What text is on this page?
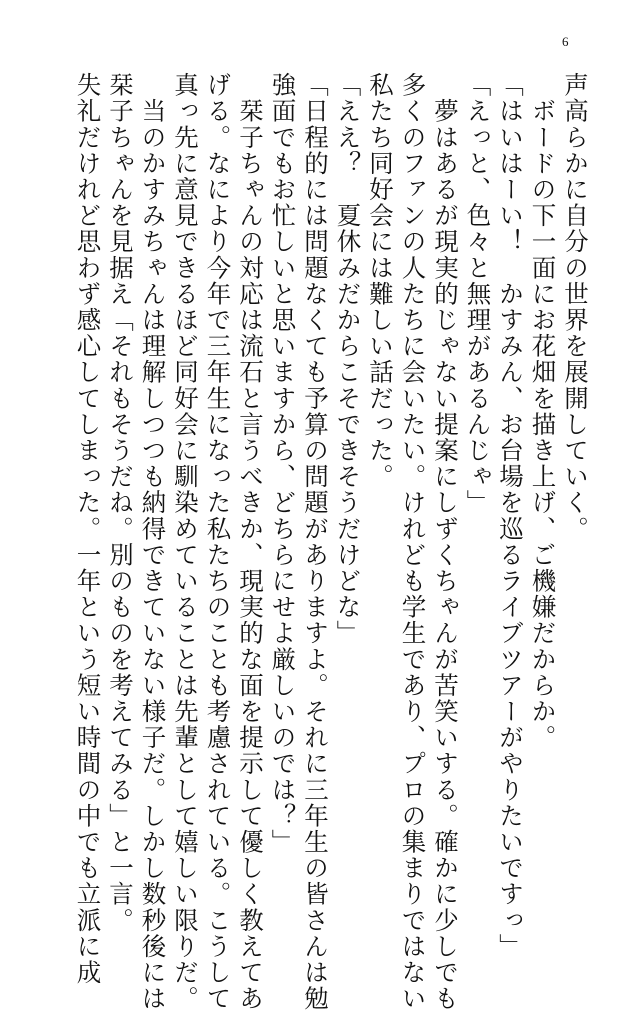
6
声高らかに自分の世界を展開していく。
　ボードの下一面にお花畑を描き上げ、ご機嫌だからか。
「はいはーい！　かすみん、お台場を巡るライブツアーがやりたいですっ」
「えっと、色々と無理があるんじゃ」
　夢はあるが現実的じゃない提案にしずくちゃんが苦笑いする。確かに少しでも
多くのファンの人たちに会いたい。けれども学生であり、プロの集まりではない
私たち同好会には難しい話だった。
「ええ？　夏休みだからこそできそうだけどな」
「日程的には問題なくても予算の問題がありますよ。それに三年生の皆さんは勉
強面でもお忙しいと思いますから、どちらにせよ厳しいのでは？」
　栞子ちゃんの対応は流石と言うべきか、現実的な面を提示して優しく教えてあ
げる。なにより今年で三年生になった私たちのことも考慮されている。こうして
真っ先に意見できるほど同好会に馴染めていることは先輩として嬉しい限りだ。
　当のかすみちゃんは理解しつつも納得できていない様子だ。しかし数秒後には
栞子ちゃんを見据え「それもそうだね。別のものを考えてみる」と一言。
失礼だけれど思わず感心してしまった。一年という短い時間の中でも立派に成
